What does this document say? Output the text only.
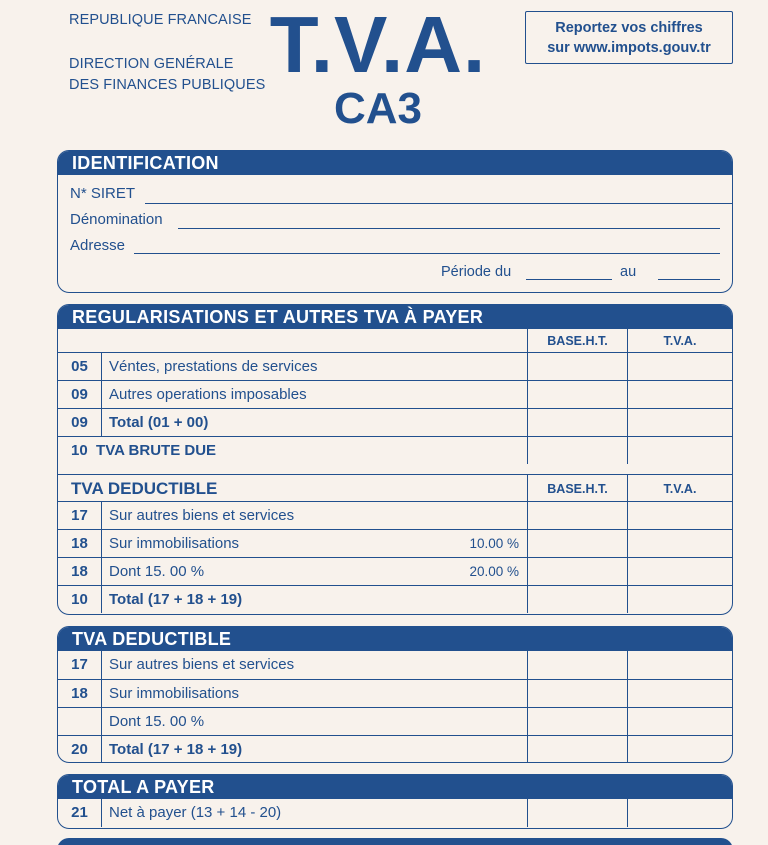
REPUBLIQUE FRANCAISE
DIRECTION GENÉRALE
DES FINANCES PUBLIQUES T.V.A.
CA3
Reportez vos chiffres
sur www.impots.gouv.tr
IDENTIFICATION
N* SIRET
Dénomination
Adresse
Période du	au
REGULARISATIONS ET AUTRES TVA À PAYER
BASE.H.T.	T.V.A.
05	Véntes, prestations de services
09	Autres operations imposables
09	Total (01 + 00)
10 TVA BRUTE DUE
TVA DEDUCTIBLE	BASE.H.T.	T.V.A.
17	Sur autres biens et services
18	Sur immobilisations	10.00 %
18	Dont 15. 00 %	20.00 %
10	Total (17 + 18 + 19)
TVA DEDUCTIBLE
17	Sur autres biens et services
18	Sur immobilisations
Dont 15. 00 %
20	Total (17 + 18 + 19)
TOTAL A PAYER
21	Net à payer (13 + 14 - 20)
